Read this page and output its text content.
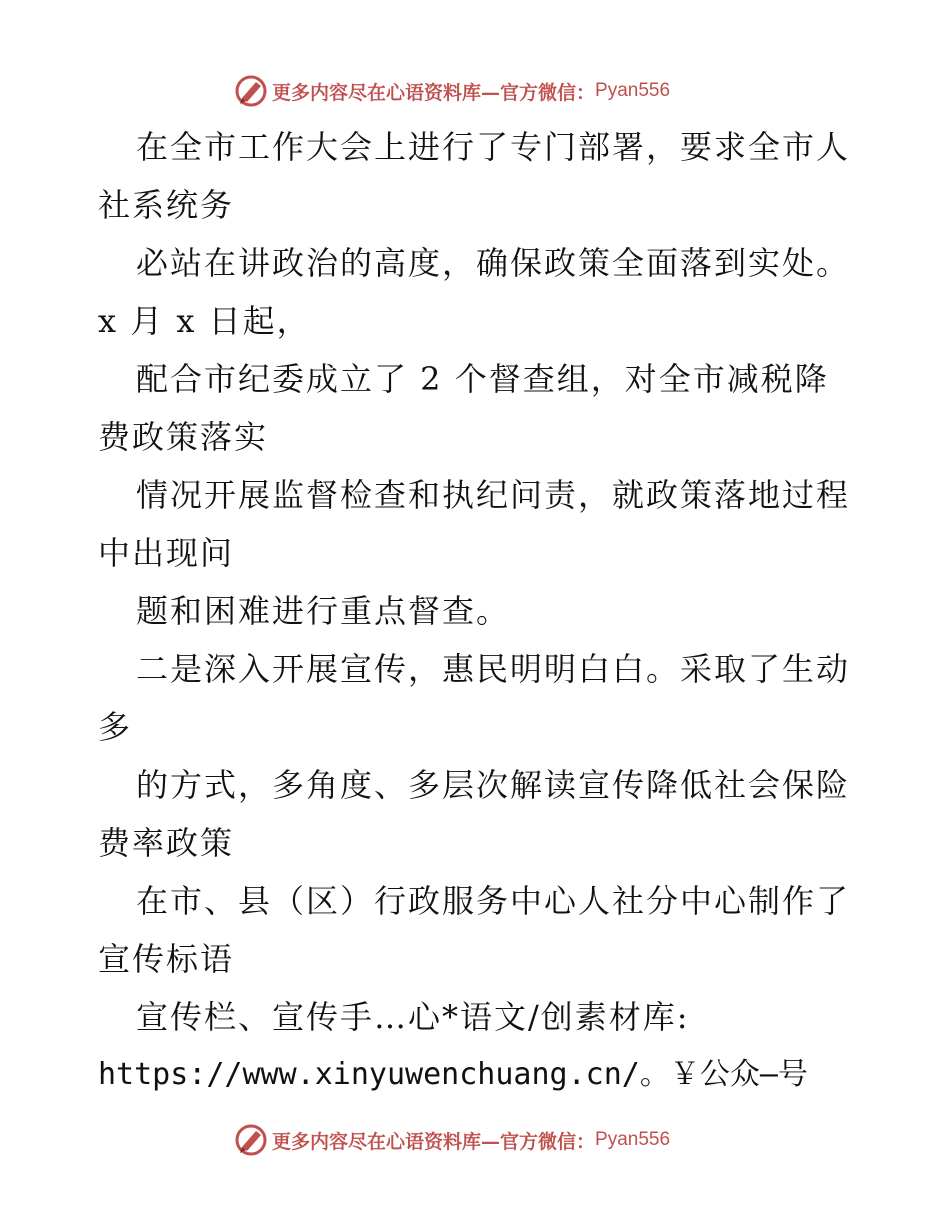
更多内容尽在心语资料库—官方微信： Pyan556
在全市工作大会上进行了专门部署，要求全市人
社系统务
必站在讲政治的高度，确保政策全面落到实处。
x 月 x 日起，
配合市纪委成立了 2 个督查组，对全市减税降
费政策落实
情况开展监督检查和执纪问责，就政策落地过程
中出现问
题和困难进行重点督查。
二是深入开展宣传，惠民明明白白。采取了生动
多
的方式，多角度、多层次解读宣传降低社会保险
费率政策
在市、县（区）行政服务中心人社分中心制作了
宣传标语
宣传栏、宣传手…心*语文/创素材库:
https://www.xinyuwenchuang.cn/。￥公众—号
更多内容尽在心语资料库—官方微信： Pyan556
